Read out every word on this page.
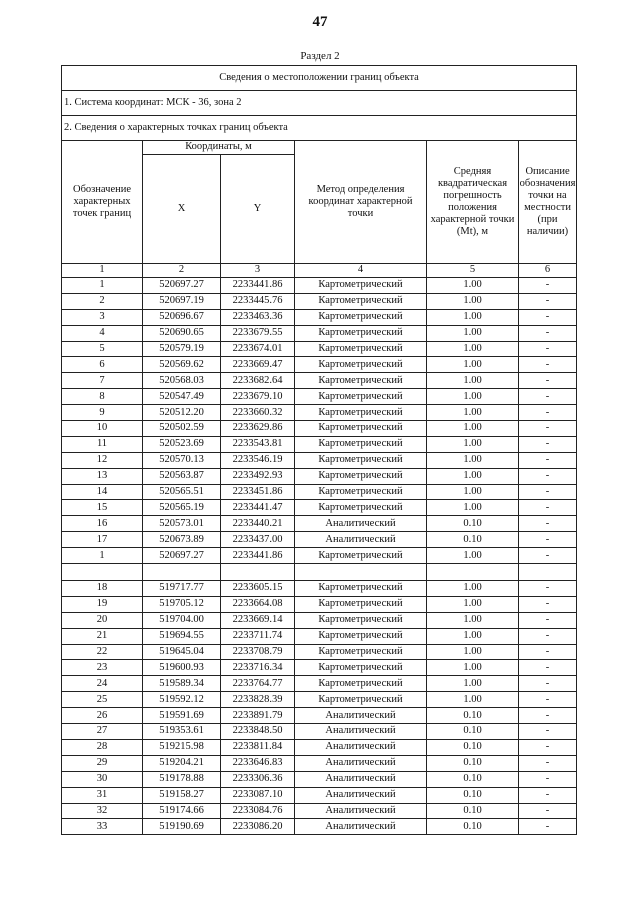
47
Раздел 2
Сведения о местоположении границ объекта					
1. Система координат: МСК - 36, зона 2					
2. Сведения о характерных точках границ объекта					
Обозначение характерных точек границ	Координаты, м		Метод определения координат характерной точки	Средняя квадратическая погрешность положения характерной точки (Mt), м	Описание обозначения точки на местности (при наличии)
	X	Y			
1	2	3	4	5	6
1	520697.27	2233441.86	Картометрический	1.00	-
2	520697.19	2233445.76	Картометрический	1.00	-
3	520696.67	2233463.36	Картометрический	1.00	-
4	520690.65	2233679.55	Картометрический	1.00	-
5	520579.19	2233674.01	Картометрический	1.00	-
6	520569.62	2233669.47	Картометрический	1.00	-
7	520568.03	2233682.64	Картометрический	1.00	-
8	520547.49	2233679.10	Картометрический	1.00	-
9	520512.20	2233660.32	Картометрический	1.00	-
10	520502.59	2233629.86	Картометрический	1.00	-
11	520523.69	2233543.81	Картометрический	1.00	-
12	520570.13	2233546.19	Картометрический	1.00	-
13	520563.87	2233492.93	Картометрический	1.00	-
14	520565.51	2233451.86	Картометрический	1.00	-
15	520565.19	2233441.47	Картометрический	1.00	-
16	520573.01	2233440.21	Аналитический	0.10	-
17	520673.89	2233437.00	Аналитический	0.10	-
1	520697.27	2233441.86	Картометрический	1.00	-

18	519717.77	2233605.15	Картометрический	1.00	-
19	519705.12	2233664.08	Картометрический	1.00	-
20	519704.00	2233669.14	Картометрический	1.00	-
21	519694.55	2233711.74	Картометрический	1.00	-
22	519645.04	2233708.79	Картометрический	1.00	-
23	519600.93	2233716.34	Картометрический	1.00	-
24	519589.34	2233764.77	Картометрический	1.00	-
25	519592.12	2233828.39	Картометрический	1.00	-
26	519591.69	2233891.79	Аналитический	0.10	-
27	519353.61	2233848.50	Аналитический	0.10	-
28	519215.98	2233811.84	Аналитический	0.10	-
29	519204.21	2233646.83	Аналитический	0.10	-
30	519178.88	2233306.36	Аналитический	0.10	-
31	519158.27	2233087.10	Аналитический	0.10	-
32	519174.66	2233084.76	Аналитический	0.10	-
33	519190.69	2233086.20	Аналитический	0.10	-
